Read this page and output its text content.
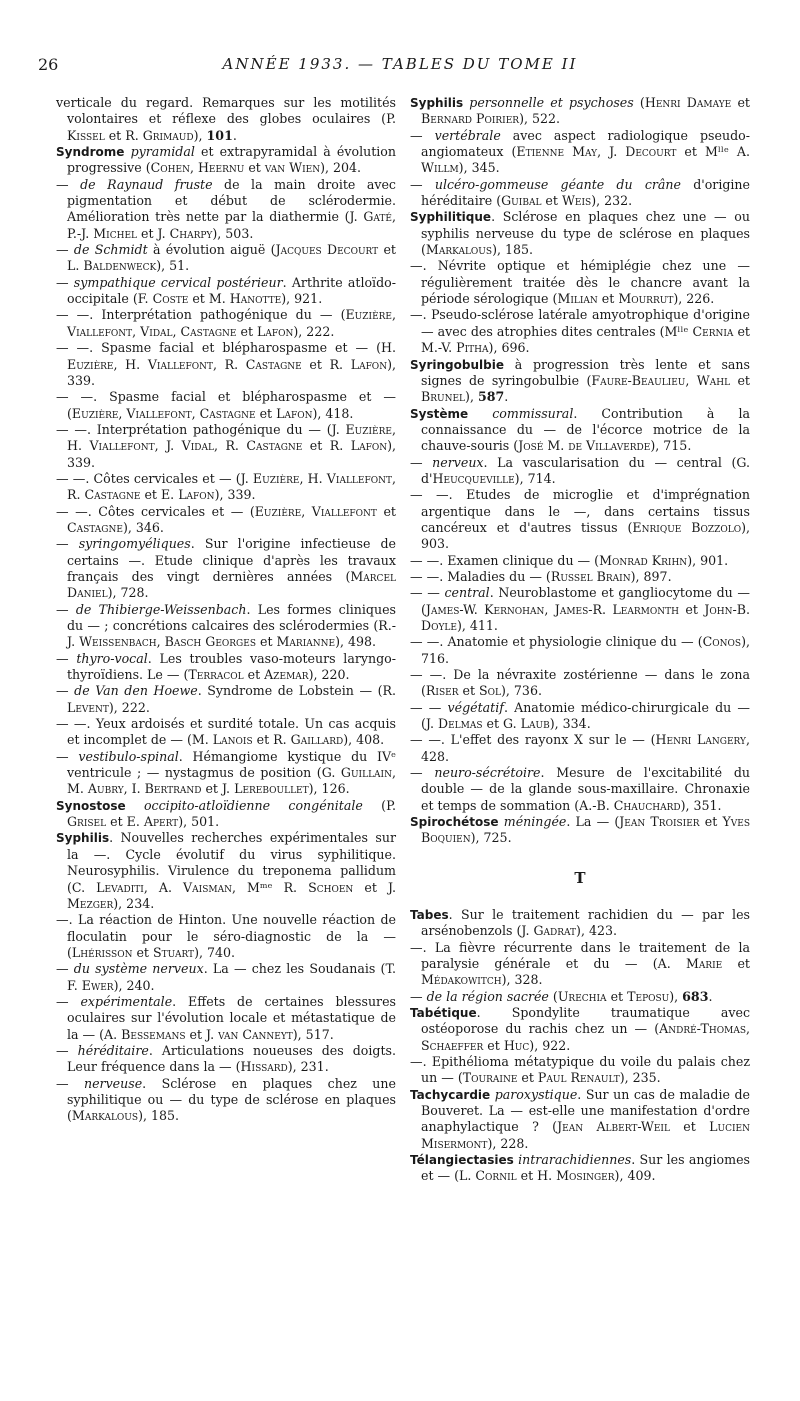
26	ANNÉE 1933. — TABLES DU TOME II

verticale du regard. Remarques sur les motilités volontaires et réflexe des globes oculaires (P. Kissel et R. Grimaud), 101.

Syndrome pyramidal et extrapyramidal à évolution progressive (Cohen, Heernu et van Wien), 204.

— de Raynaud fruste de la main droite avec pigmentation et début de sclérodermie. Amélioration très nette par la diathermie (J. Gaté, P.-J. Michel et J. Charpy), 503.

— de Schmidt à évolution aiguë (Jacques Decourt et L. Baldenweck), 51.

— sympathique cervical postérieur. Arthrite atloïdo-occipitale (F. Coste et M. Hanotte), 921.

— —. Interprétation pathogénique du — (Euzière, Viallefont, Vidal, Castagne et Lafon), 222.

— —. Spasme facial et blépharospasme et — (H. Euzière, H. Viallefont, R. Castagne et R. Lafon), 339.

— —. Spasme facial et blépharospasme et — (Euzière, Viallefont, Castagne et Lafon), 418.

— —. Interprétation pathogénique du — (J. Euzière, H. Viallefont, J. Vidal, R. Castagne et R. Lafon), 339.

— —. Côtes cervicales et — (J. Euzière, H. Viallefont, R. Castagne et E. Lafon), 339.

— —. Côtes cervicales et — (Euzière, Viallefont et Castagne), 346.

— syringomyéliques. Sur l'origine infectieuse de certains —. Etude clinique d'après les travaux français des vingt dernières années (Marcel Daniel), 728.

— de Thibierge-Weissenbach. Les formes cliniques du — ; concrétions calcaires des sclérodermies (R.-J. Weissenbach, Basch Georges et Marianne), 498.

— thyro-vocal. Les troubles vaso-moteurs laryngo-thyroïdiens. Le — (Terracol et Azemar), 220.

— de Van den Hoewe. Syndrome de Lobstein — (R. Levent), 222.

— —. Yeux ardoisés et surdité totale. Un cas acquis et incomplet de — (M. Lanois et R. Gaillard), 408.

— vestibulo-spinal. Hémangiome kystique du IVᵉ ventricule ; — nystagmus de position (G. Guillain, M. Aubry, I. Bertrand et J. Lereboullet), 126.

Synostose occipito-atloïdienne congénitale (P. Grisel et E. Apert), 501.

Syphilis. Nouvelles recherches expérimentales sur la —. Cycle évolutif du virus syphilitique. Neurosyphilis. Virulence du treponema pallidum (C. Levaditi, A. Vaisman, Mᵐᵉ R. Schoen et J. Mezger), 234.

—. La réaction de Hinton. Une nouvelle réaction de floculatin pour le séro-diagnostic de la — (Lhérisson et Stuart), 740.

— du système nerveux. La — chez les Soudanais (T. F. Ewer), 240.

— expérimentale. Effets de certaines blessures oculaires sur l'évolution locale et métastatique de la — (A. Bessemans et J. van Canneyt), 517.

— héréditaire. Articulations noueuses des doigts. Leur fréquence dans la — (Hissard), 231.

— nerveuse. Sclérose en plaques chez une syphilitique ou — du type de sclérose en plaques (Markalous), 185.

Syphilis personnelle et psychoses (Henri Damaye et Bernard Poirier), 522.

— vertébrale avec aspect radiologique pseudo-angiomateux (Etienne May, J. Decourt et Mˡˡᵉ A. Willm), 345.

— ulcéro-gommeuse géante du crâne d'origine héréditaire (Guibal et Weis), 232.

Syphilitique. Sclérose en plaques chez une — ou syphilis nerveuse du type de sclérose en plaques (Markalous), 185.

—. Névrite optique et hémiplégie chez une — régulièrement traitée dès le chancre avant la période sérologique (Milian et Mourrut), 226.

—. Pseudo-sclérose latérale amyotrophique d'origine — avec des atrophies dites centrales (Mˡˡᵉ Cernia et M.-V. Pitha), 696.

Syringobulbie à progression très lente et sans signes de syringobulbie (Faure-Beaulieu, Wahl et Brunel), 587.

Système commissural. Contribution à la connaissance du — de l'écorce motrice de la chauve-souris (José M. de Villaverde), 715.

— nerveux. La vascularisation du — central (G. d'Heucqueville), 714.

— —. Etudes de microglie et d'imprégnation argentique dans le —, dans certains tissus cancéreux et d'autres tissus (Enrique Bozzolo), 903.

— —. Examen clinique du — (Monrad Krihn), 901.

— —. Maladies du — (Russel Brain), 897.

— — central. Neuroblastome et gangliocytome du — (James-W. Kernohan, James-R. Learmonth et John-B. Doyle), 411.

— —. Anatomie et physiologie clinique du — (Conos), 716.

— —. De la névraxite zostérienne — dans le zona (Riser et Sol), 736.

— — végétatif. Anatomie médico-chirurgicale du — (J. Delmas et G. Laub), 334.

— —. L'effet des rayonx X sur le — (Henri Langery, 428.

— neuro-sécrétoire. Mesure de l'excitabilité du double — de la glande sous-maxillaire. Chronaxie et temps de sommation (A.-B. Chauchard), 351.

Spirochétose méningée. La — (Jean Troisier et Yves Boquien), 725.

T

Tabes. Sur le traitement rachidien du — par les arsénobenzols (J. Gadrat), 423.

—. La fièvre récurrente dans le traitement de la paralysie générale et du — (A. Marie et Médakowitch), 328.

— de la région sacrée (Urechia et Teposu), 683.

Tabétique. Spondylite traumatique avec ostéoporose du rachis chez un — (André-Thomas, Schaeffer et Huc), 922.

—. Epithélioma métatypique du voile du palais chez un — (Touraine et Paul Renault), 235.

Tachycardie paroxystique. Sur un cas de maladie de Bouveret. La — est-elle une manifestation d'ordre anaphylactique ? (Jean Albert-Weil et Lucien Misermont), 228.

Télangiectasies intrarachidiennes. Sur les angiomes et — (L. Cornil et H. Mosinger), 409.
